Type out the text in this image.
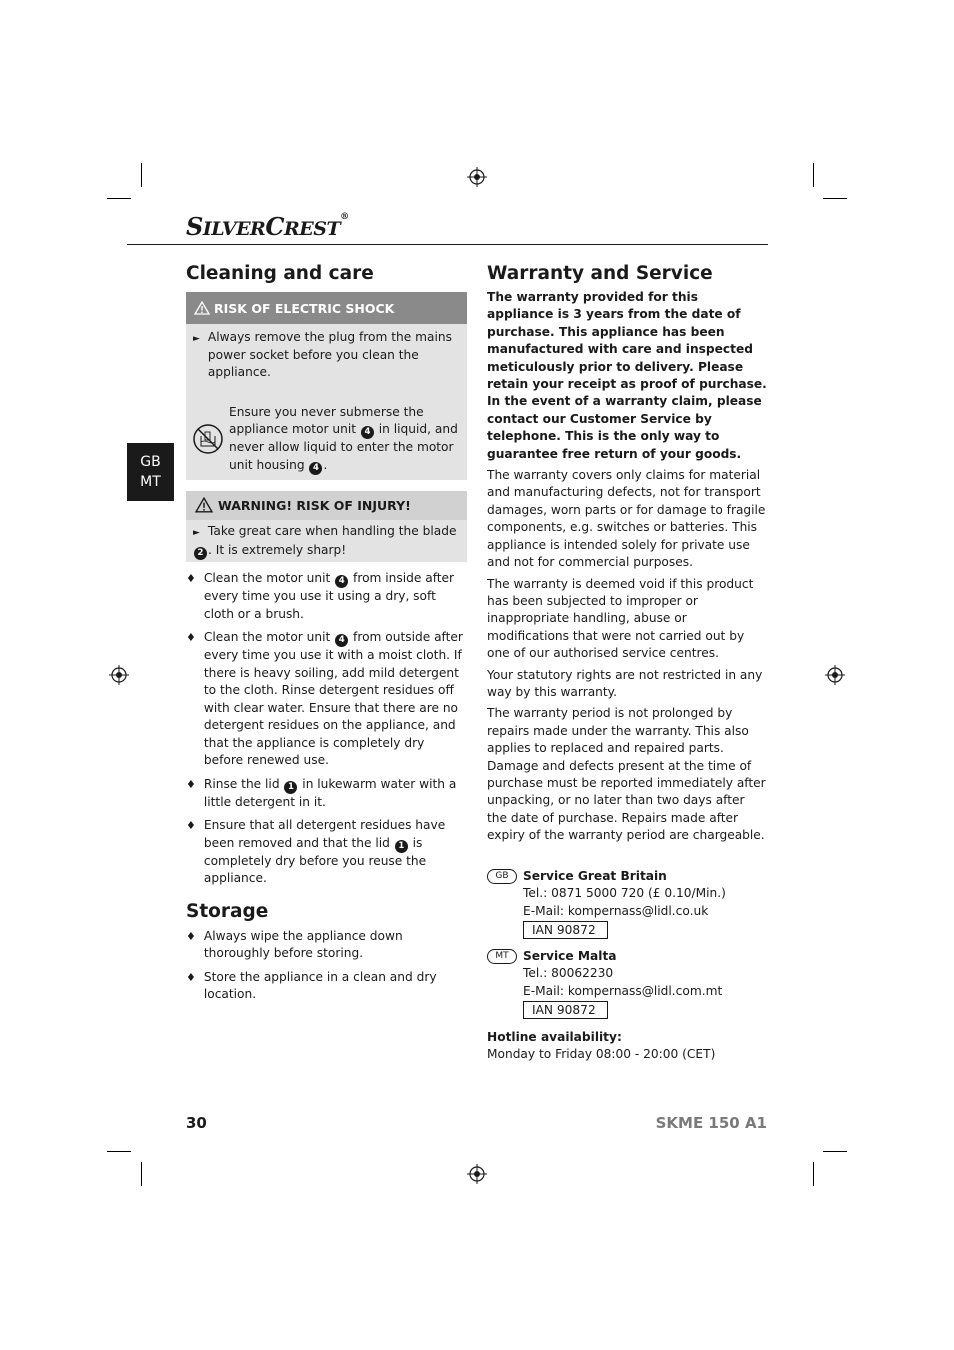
SILVERCREST®
GB
MT
Cleaning and care
RISK OF ELECTRIC SHOCK
► Always remove the plug from the mains power socket before you clean the appliance.
Ensure you never submerse the appliance motor unit 4 in liquid, and never allow liquid to enter the motor unit housing 4 .
WARNING! RISK OF INJURY!
► Take great care when handling the blade 2 . It is extremely sharp!
♦ Clean the motor unit 4 from inside after every time you use it using a dry, soft cloth or a brush.
♦ Clean the motor unit 4 from outside after every time you use it with a moist cloth. If there is heavy soiling, add mild detergent to the cloth. Rinse detergent residues off with clear water. Ensure that there are no detergent residues on the appliance, and that the appliance is completely dry before renewed use.
♦ Rinse the lid 1 in lukewarm water with a little detergent in it.
♦ Ensure that all detergent residues have been removed and that the lid 1 is completely dry before you reuse the appliance.
Storage
♦ Always wipe the appliance down thoroughly before storing.
♦ Store the appliance in a clean and dry location.
Warranty and Service

The warranty provided for this appliance is 3 years from the date of purchase. This appliance has been manufactured with care and inspected meticulously prior to delivery. Please retain your receipt as proof of purchase. In the event of a warranty claim, please contact our Customer Service by telephone. This is the only way to guarantee free return of your goods.

The warranty covers only claims for material and manufacturing defects, not for transport damages, worn parts or for damage to fragile components, e.g. switches or batteries. This appliance is intended solely for private use and not for commercial purposes.

The warranty is deemed void if this product has been subjected to improper or inappropriate handling, abuse or modifications that were not carried out by one of our authorised service centres.

Your statutory rights are not restricted in any way by this warranty.

The warranty period is not prolonged by repairs made under the warranty. This also applies to replaced and repaired parts. Damage and defects present at the time of purchase must be reported immediately after unpacking, or no later than two days after the date of purchase. Repairs made after expiry of the warranty period are chargeable.

GB	Service Great Britain
Tel.: 0871 5000 720 (£ 0.10/Min.)
E-Mail: kompernass@lidl.co.uk
IAN 90872
MT	Service Malta
Tel.: 80062230
E-Mail: kompernass@lidl.com.mt
IAN 90872
Hotline availability:
Monday to Friday 08:00 - 20:00 (CET)
30	SKME 150 A1
